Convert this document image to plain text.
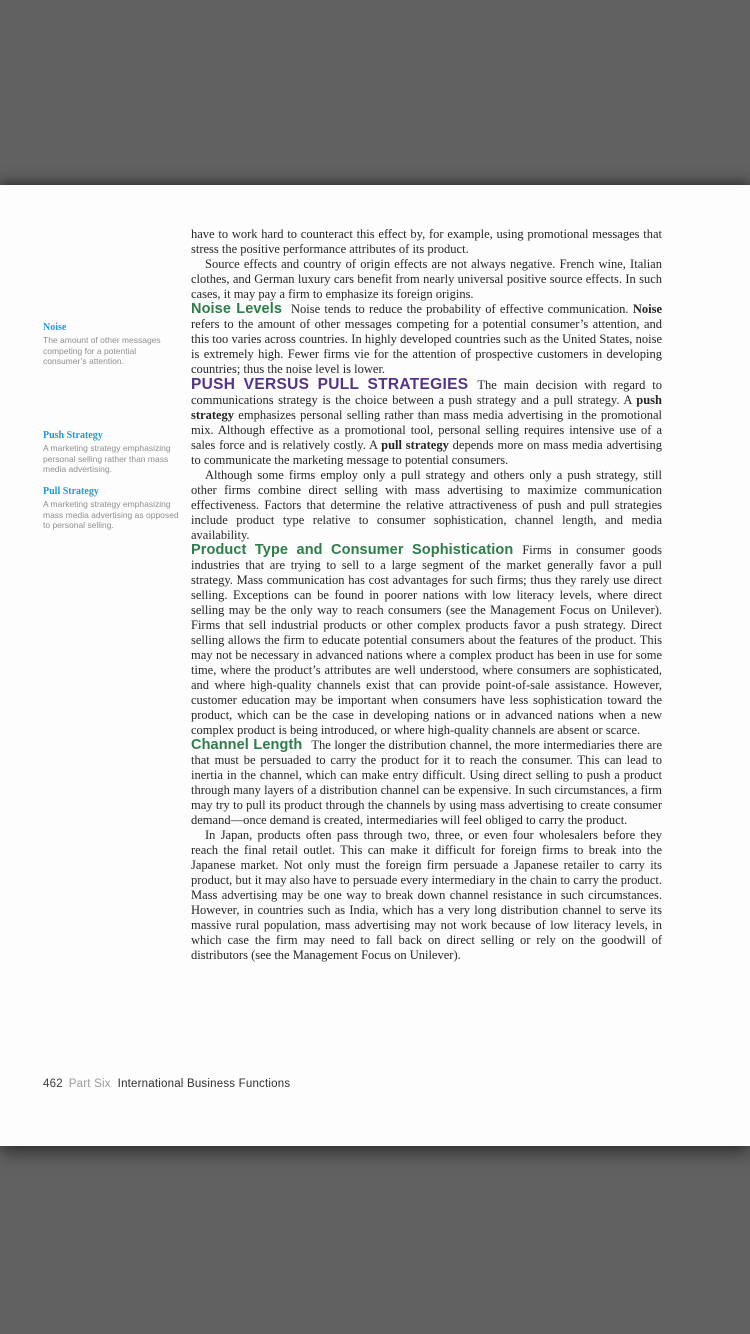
Noise

The amount of other messages competing for a potential consumer’s attention.

Push Strategy

A marketing strategy emphasizing personal selling rather than mass media advertising.

Pull Strategy

A marketing strategy emphasizing mass media advertising as opposed to personal selling.

have to work hard to counteract this effect by, for example, using promotional messages that stress the positive performance attributes of its product.

Source effects and country of origin effects are not always negative. French wine, Italian clothes, and German luxury cars benefit from nearly universal positive source effects. In such cases, it may pay a firm to emphasize its foreign origins.

Noise Levels Noise tends to reduce the probability of effective communication. Noise refers to the amount of other messages competing for a potential consumer’s attention, and this too varies across countries. In highly developed countries such as the United States, noise is extremely high. Fewer firms vie for the attention of prospective customers in developing countries; thus the noise level is lower.

PUSH VERSUS PULL STRATEGIES The main decision with regard to communications strategy is the choice between a push strategy and a pull strategy. A push strategy emphasizes personal selling rather than mass media advertising in the promotional mix. Although effective as a promotional tool, personal selling requires intensive use of a sales force and is relatively costly. A pull strategy depends more on mass media advertising to communicate the marketing message to potential consumers.

Although some firms employ only a pull strategy and others only a push strategy, still other firms combine direct selling with mass advertising to maximize communication effectiveness. Factors that determine the relative attractiveness of push and pull strategies include product type relative to consumer sophistication, channel length, and media availability.

Product Type and Consumer Sophistication Firms in consumer goods industries that are trying to sell to a large segment of the market generally favor a pull strategy. Mass communication has cost advantages for such firms; thus they rarely use direct selling. Exceptions can be found in poorer nations with low literacy levels, where direct selling may be the only way to reach consumers (see the Management Focus on Unilever). Firms that sell industrial products or other complex products favor a push strategy. Direct selling allows the firm to educate potential consumers about the features of the product. This may not be necessary in advanced nations where a complex product has been in use for some time, where the product’s attributes are well understood, where consumers are sophisticated, and where high-quality channels exist that can provide point-of-sale assistance. However, customer education may be important when consumers have less sophistication toward the product, which can be the case in developing nations or in advanced nations when a new complex product is being introduced, or where high-quality channels are absent or scarce.

Channel Length The longer the distribution channel, the more intermediaries there are that must be persuaded to carry the product for it to reach the consumer. This can lead to inertia in the channel, which can make entry difficult. Using direct selling to push a product through many layers of a distribution channel can be expensive. In such circumstances, a firm may try to pull its product through the channels by using mass advertising to create consumer demand—once demand is created, intermediaries will feel obliged to carry the product.

In Japan, products often pass through two, three, or even four wholesalers before they reach the final retail outlet. This can make it difficult for foreign firms to break into the Japanese market. Not only must the foreign firm persuade a Japanese retailer to carry its product, but it may also have to persuade every intermediary in the chain to carry the product. Mass advertising may be one way to break down channel resistance in such circumstances. However, in countries such as India, which has a very long distribution channel to serve its massive rural population, mass advertising may not work because of low literacy levels, in which case the firm may need to fall back on direct selling or rely on the goodwill of distributors (see the Management Focus on Unilever).

462 Part Six International Business Functions
